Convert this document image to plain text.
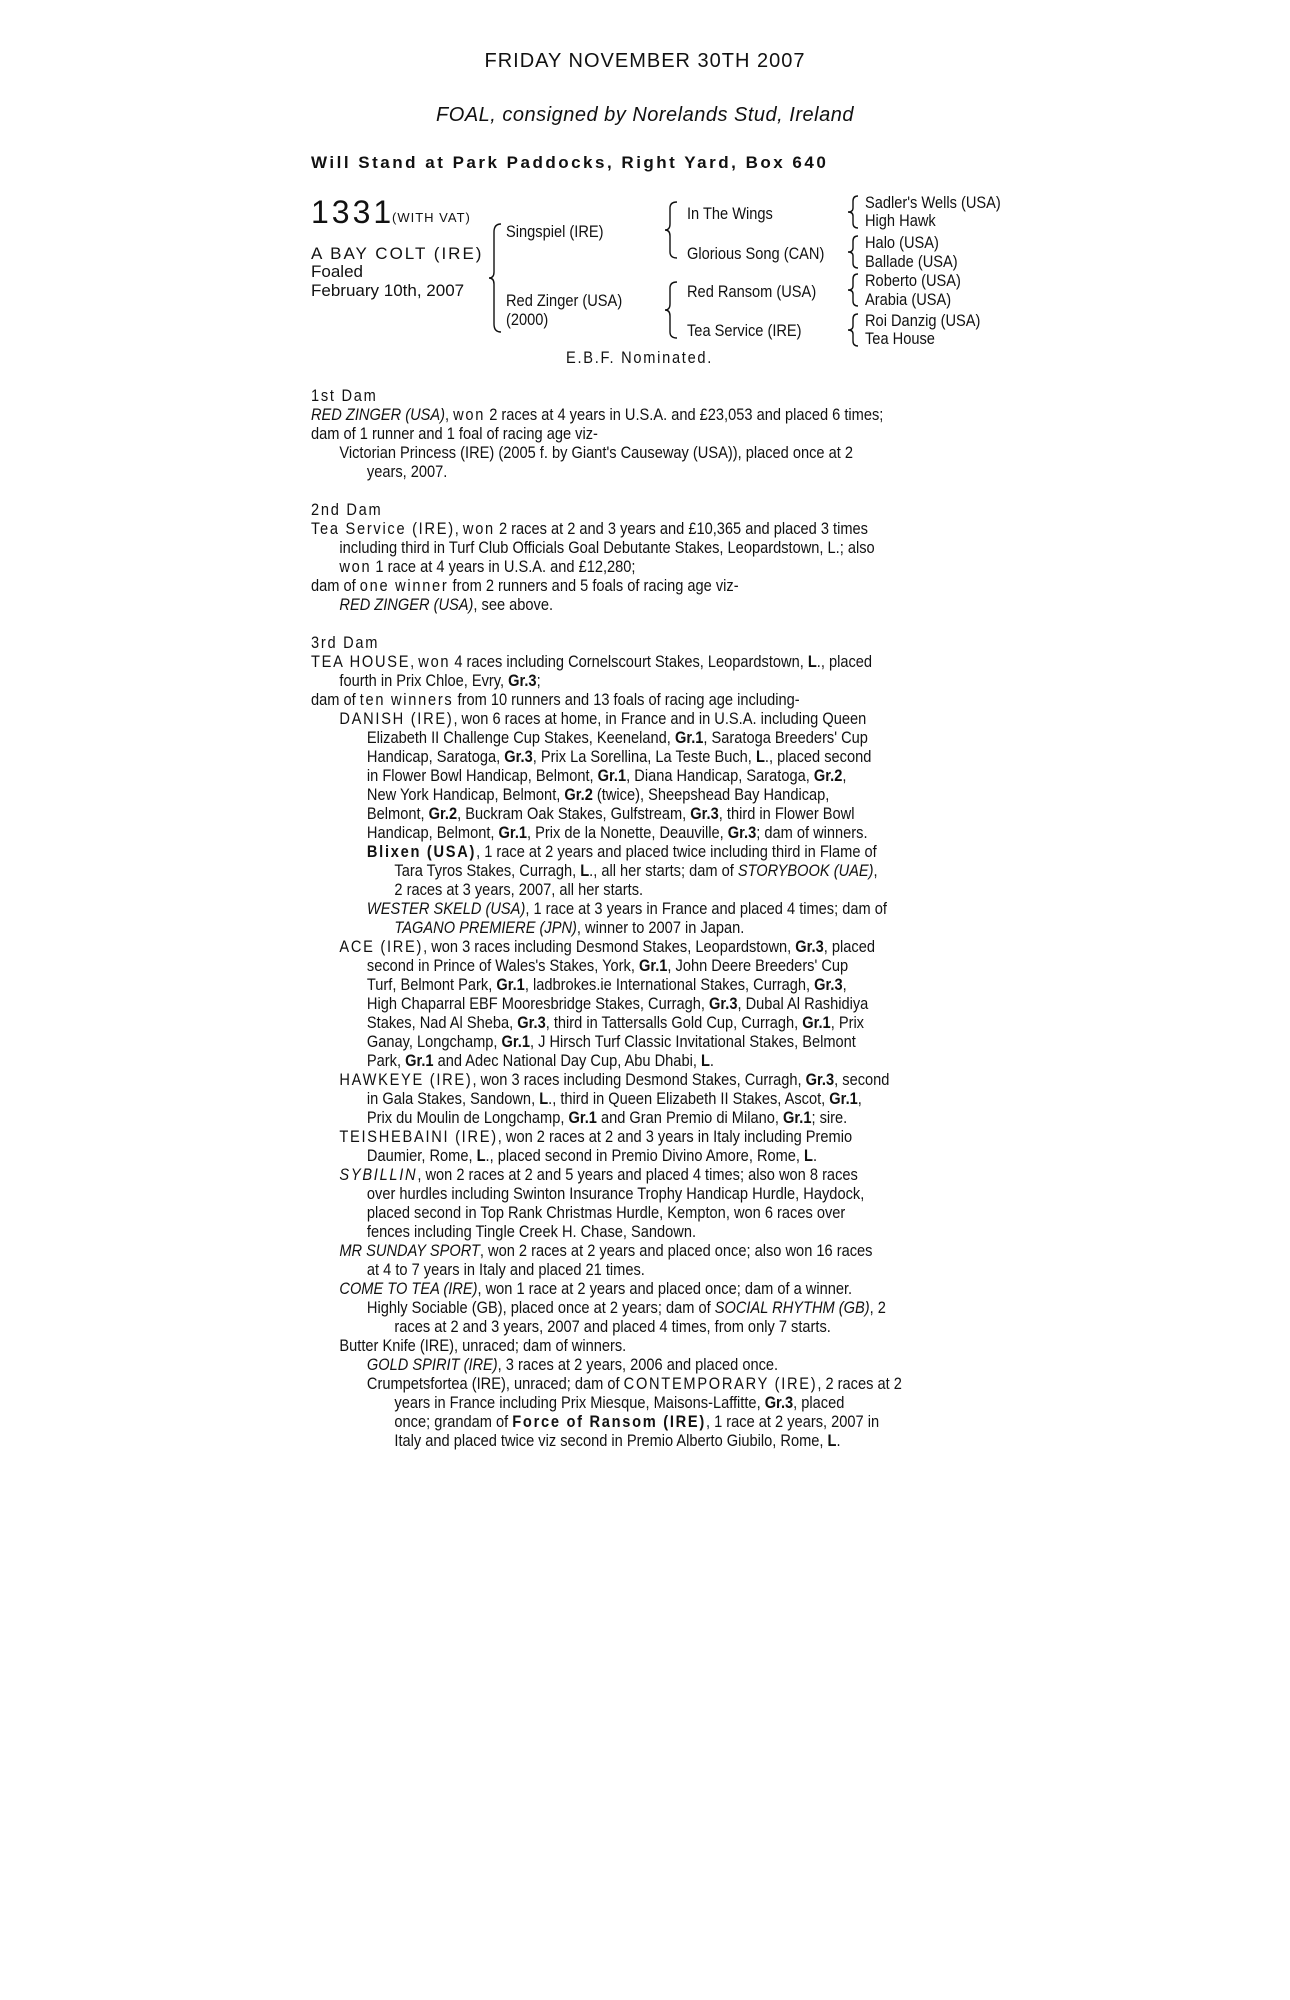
FRIDAY NOVEMBER 30TH 2007
FOAL, consigned by Norelands Stud, Ireland
Will Stand at Park Paddocks, Right Yard, Box 640
1331
(WITH VAT)
A BAY COLT (IRE)
Foaled
February 10th, 2007
Singspiel (IRE)
Red Zinger (USA)
(2000)
In The Wings
Glorious Song (CAN)
Red Ransom (USA)
Tea Service (IRE)
Sadler's Wells (USA)
High Hawk
Halo (USA)
Ballade (USA)
Roberto (USA)
Arabia (USA)
Roi Danzig (USA)
Tea House
E.B.F. Nominated.
1st Dam
RED ZINGER (USA), won 2 races at 4 years in U.S.A. and £23,053 and placed 6 times;
dam of 1 runner and 1 foal of racing age viz-
Victorian Princess (IRE) (2005 f. by Giant's Causeway (USA)), placed once at 2
years, 2007.
2nd Dam
Tea Service (IRE), won 2 races at 2 and 3 years and £10,365 and placed 3 times
including third in Turf Club Officials Goal Debutante Stakes, Leopardstown, L.; also
won 1 race at 4 years in U.S.A. and £12,280;
dam of one winner from 2 runners and 5 foals of racing age viz-
RED ZINGER (USA), see above.
3rd Dam
TEA HOUSE, won 4 races including Cornelscourt Stakes, Leopardstown, L., placed
fourth in Prix Chloe, Evry, Gr.3;
dam of ten winners from 10 runners and 13 foals of racing age including-
DANISH (IRE), won 6 races at home, in France and in U.S.A. including Queen
Elizabeth II Challenge Cup Stakes, Keeneland, Gr.1, Saratoga Breeders' Cup
Handicap, Saratoga, Gr.3, Prix La Sorellina, La Teste Buch, L., placed second
in Flower Bowl Handicap, Belmont, Gr.1, Diana Handicap, Saratoga, Gr.2,
New York Handicap, Belmont, Gr.2 (twice), Sheepshead Bay Handicap,
Belmont, Gr.2, Buckram Oak Stakes, Gulfstream, Gr.3, third in Flower Bowl
Handicap, Belmont, Gr.1, Prix de la Nonette, Deauville, Gr.3; dam of winners.
Blixen (USA), 1 race at 2 years and placed twice including third in Flame of
Tara Tyros Stakes, Curragh, L., all her starts; dam of STORYBOOK (UAE),
2 races at 3 years, 2007, all her starts.
WESTER SKELD (USA), 1 race at 3 years in France and placed 4 times; dam of
TAGANO PREMIERE (JPN), winner to 2007 in Japan.
ACE (IRE), won 3 races including Desmond Stakes, Leopardstown, Gr.3, placed
second in Prince of Wales's Stakes, York, Gr.1, John Deere Breeders' Cup
Turf, Belmont Park, Gr.1, ladbrokes.ie International Stakes, Curragh, Gr.3,
High Chaparral EBF Mooresbridge Stakes, Curragh, Gr.3, Dubal Al Rashidiya
Stakes, Nad Al Sheba, Gr.3, third in Tattersalls Gold Cup, Curragh, Gr.1, Prix
Ganay, Longchamp, Gr.1, J Hirsch Turf Classic Invitational Stakes, Belmont
Park, Gr.1 and Adec National Day Cup, Abu Dhabi, L.
HAWKEYE (IRE), won 3 races including Desmond Stakes, Curragh, Gr.3, second
in Gala Stakes, Sandown, L., third in Queen Elizabeth II Stakes, Ascot, Gr.1,
Prix du Moulin de Longchamp, Gr.1 and Gran Premio di Milano, Gr.1; sire.
TEISHEBAINI (IRE), won 2 races at 2 and 3 years in Italy including Premio
Daumier, Rome, L., placed second in Premio Divino Amore, Rome, L.
SYBILLIN, won 2 races at 2 and 5 years and placed 4 times; also won 8 races
over hurdles including Swinton Insurance Trophy Handicap Hurdle, Haydock,
placed second in Top Rank Christmas Hurdle, Kempton, won 6 races over
fences including Tingle Creek H. Chase, Sandown.
MR SUNDAY SPORT, won 2 races at 2 years and placed once; also won 16 races
at 4 to 7 years in Italy and placed 21 times.
COME TO TEA (IRE), won 1 race at 2 years and placed once; dam of a winner.
Highly Sociable (GB), placed once at 2 years; dam of SOCIAL RHYTHM (GB), 2
races at 2 and 3 years, 2007 and placed 4 times, from only 7 starts.
Butter Knife (IRE), unraced; dam of winners.
GOLD SPIRIT (IRE), 3 races at 2 years, 2006 and placed once.
Crumpetsfortea (IRE), unraced; dam of CONTEMPORARY (IRE), 2 races at 2
years in France including Prix Miesque, Maisons-Laffitte, Gr.3, placed
once; grandam of Force of Ransom (IRE), 1 race at 2 years, 2007 in
Italy and placed twice viz second in Premio Alberto Giubilo, Rome, L.
